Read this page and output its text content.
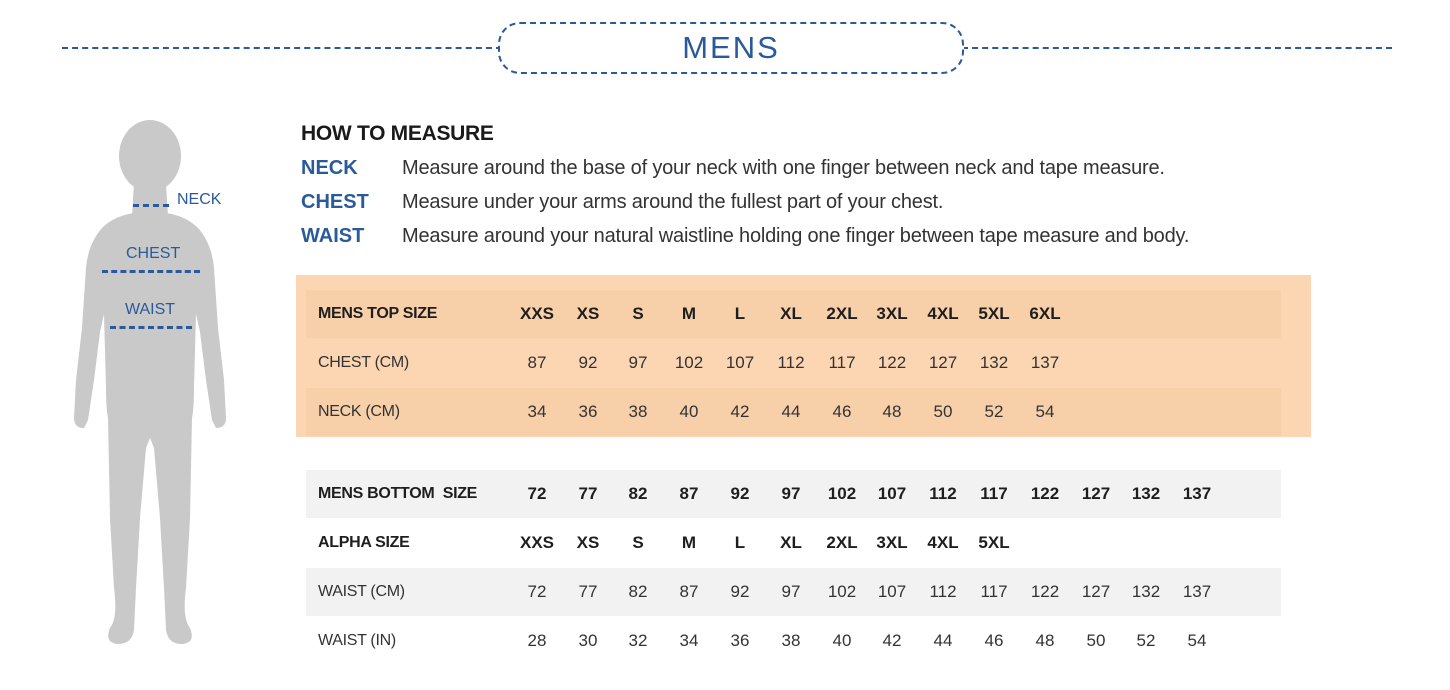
MENS
NECK
CHEST
WAIST
HOW TO MEASURE
NECK	Measure around the base of your neck with one finger between neck and tape measure.
CHEST	Measure under your arms around the fullest part of your chest.
WAIST	Measure around your natural waistline holding one finger between tape measure and body.
MENS TOP SIZE	XXS	XS	S	M	L	XL	2XL	3XL	4XL	5XL	6XL
CHEST (CM)	87	92	97	102	107	112	117	122	127	132	137
NECK (CM)	34	36	38	40	42	44	46	48	50	52	54
MENS BOTTOM  SIZE	72	77	82	87	92	97	102	107	112	117	122	127	132	137
ALPHA SIZE	XXS	XS	S	M	L	XL	2XL	3XL	4XL	5XL
WAIST (CM)	72	77	82	87	92	97	102	107	112	117	122	127	132	137
WAIST (IN)	28	30	32	34	36	38	40	42	44	46	48	50	52	54
